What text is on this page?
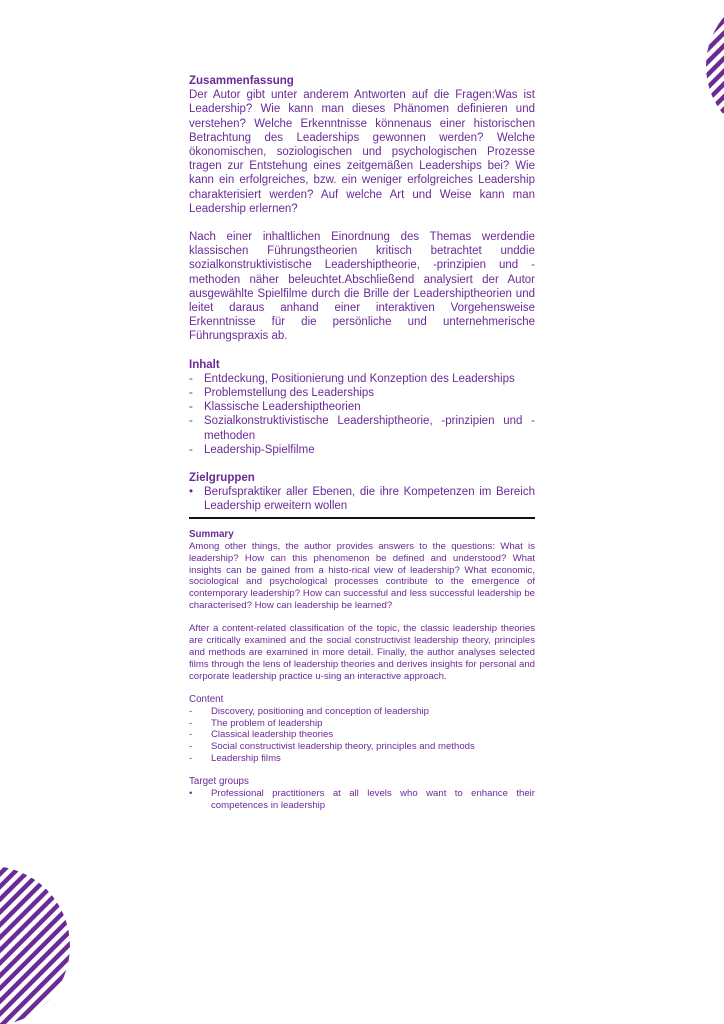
Zusammenfassung

Der Autor gibt unter anderem Antworten auf die Fragen:Was ist Leadership? Wie kann man dieses Phänomen definieren und verstehen? Welche Erkenntnisse könnenaus einer historischen Betrachtung des Leaderships gewonnen werden? Welche ökonomischen, soziologischen und psychologischen Prozesse tragen zur Entstehung eines zeitgemäßen Leaderships bei? Wie kann ein erfolgreiches, bzw. ein weniger erfolgreiches Leadership charakterisiert werden? Auf welche Art und Weise kann man Leadership erlernen?

Nach einer inhaltlichen Einordnung des Themas werdendie klassischen Führungstheorien kritisch betrachtet unddie sozialkonstruktivistische Leadershiptheorie, -prinzipien und -methoden näher beleuchtet.Abschließend analysiert der Autor ausgewählte Spielfilme durch die Brille der Leadershiptheorien und leitet daraus anhand einer interaktiven Vorgehensweise Erkenntnisse für die persönliche und unternehmerische Führungspraxis ab.

Inhalt
- Entdeckung, Positionierung und Konzeption des Leaderships
- Problemstellung des Leaderships
- Klassische Leadershiptheorien
- Sozialkonstruktivistische Leadershiptheorie, -prinzipien und -methoden
- Leadership-Spielfilme
Zielgruppen
• Berufspraktiker aller Ebenen, die ihre Kompetenzen im Bereich Leadership erweitern wollen
Summary

Among other things, the author provides answers to the questions: What is leadership? How can this phenomenon be defined and understood? What insights can be gained from a histo-rical view of leadership? What economic, sociological and psychological processes contribute to the emergence of contemporary leadership? How can successful and less successful leadership be characterised? How can leadership be learned?

After a content-related classification of the topic, the classic leadership theories are critically examined and the social constructivist leadership theory, principles and methods are examined in more detail. Finally, the author analyses selected films through the lens of leadership theories and derives insights for personal and corporate leadership practice u-sing an interactive approach.

Content
- Discovery, positioning and conception of leadership
- The problem of leadership
- Classical leadership theories
- Social constructivist leadership theory, principles and methods
- Leadership films
Target groups
• Professional practitioners at all levels who want to enhance their competences in leadership
